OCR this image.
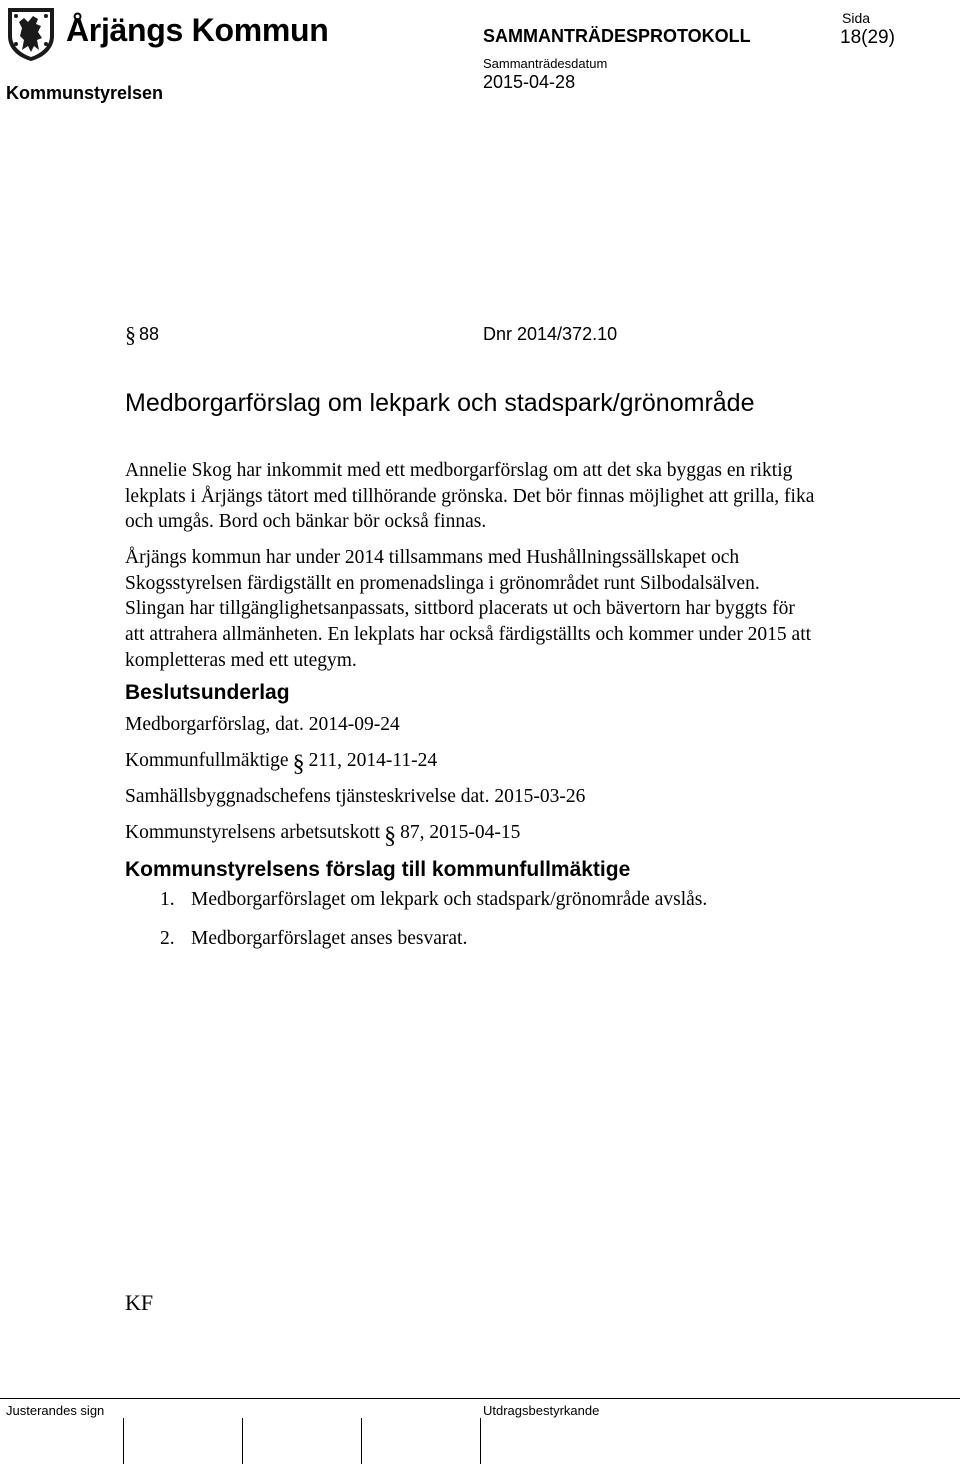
Årjängs Kommun	SAMMANTRÄDESPROTOKOLL
Sida
18(29)
Kommunstyrelsen
Sammanträdesdatum
2015-04-28
§ 88	Dnr 2014/372.10
Medborgarförslag om lekpark och stadspark/grönområde
Annelie Skog har inkommit med ett medborgarförslag om att det ska byggas en riktig lekplats i Årjängs tätort med tillhörande grönska. Det bör finnas möjlighet att grilla, fika och umgås. Bord och bänkar bör också finnas.
Årjängs kommun har under 2014 tillsammans med Hushållningssällskapet och Skogsstyrelsen färdigställt en promenadslinga i grönområdet runt Silbodalsälven. Slingan har tillgänglighetsanpassats, sittbord placerats ut och bävertorn har byggts för att attrahera allmänheten. En lekplats har också färdigställts och kommer under 2015 att kompletteras med ett utegym.
Beslutsunderlag
Medborgarförslag, dat. 2014-09-24
Kommunfullmäktige § 211, 2014-11-24
Samhällsbyggnadschefens tjänsteskrivelse dat. 2015-03-26
Kommunstyrelsens arbetsutskott § 87, 2015-04-15
Kommunstyrelsens förslag till kommunfullmäktige
1. Medborgarförslaget om lekpark och stadspark/grönområde avslås.
2. Medborgarförslaget anses besvarat.
KF
Justerandes sign	Utdragsbestyrkande
